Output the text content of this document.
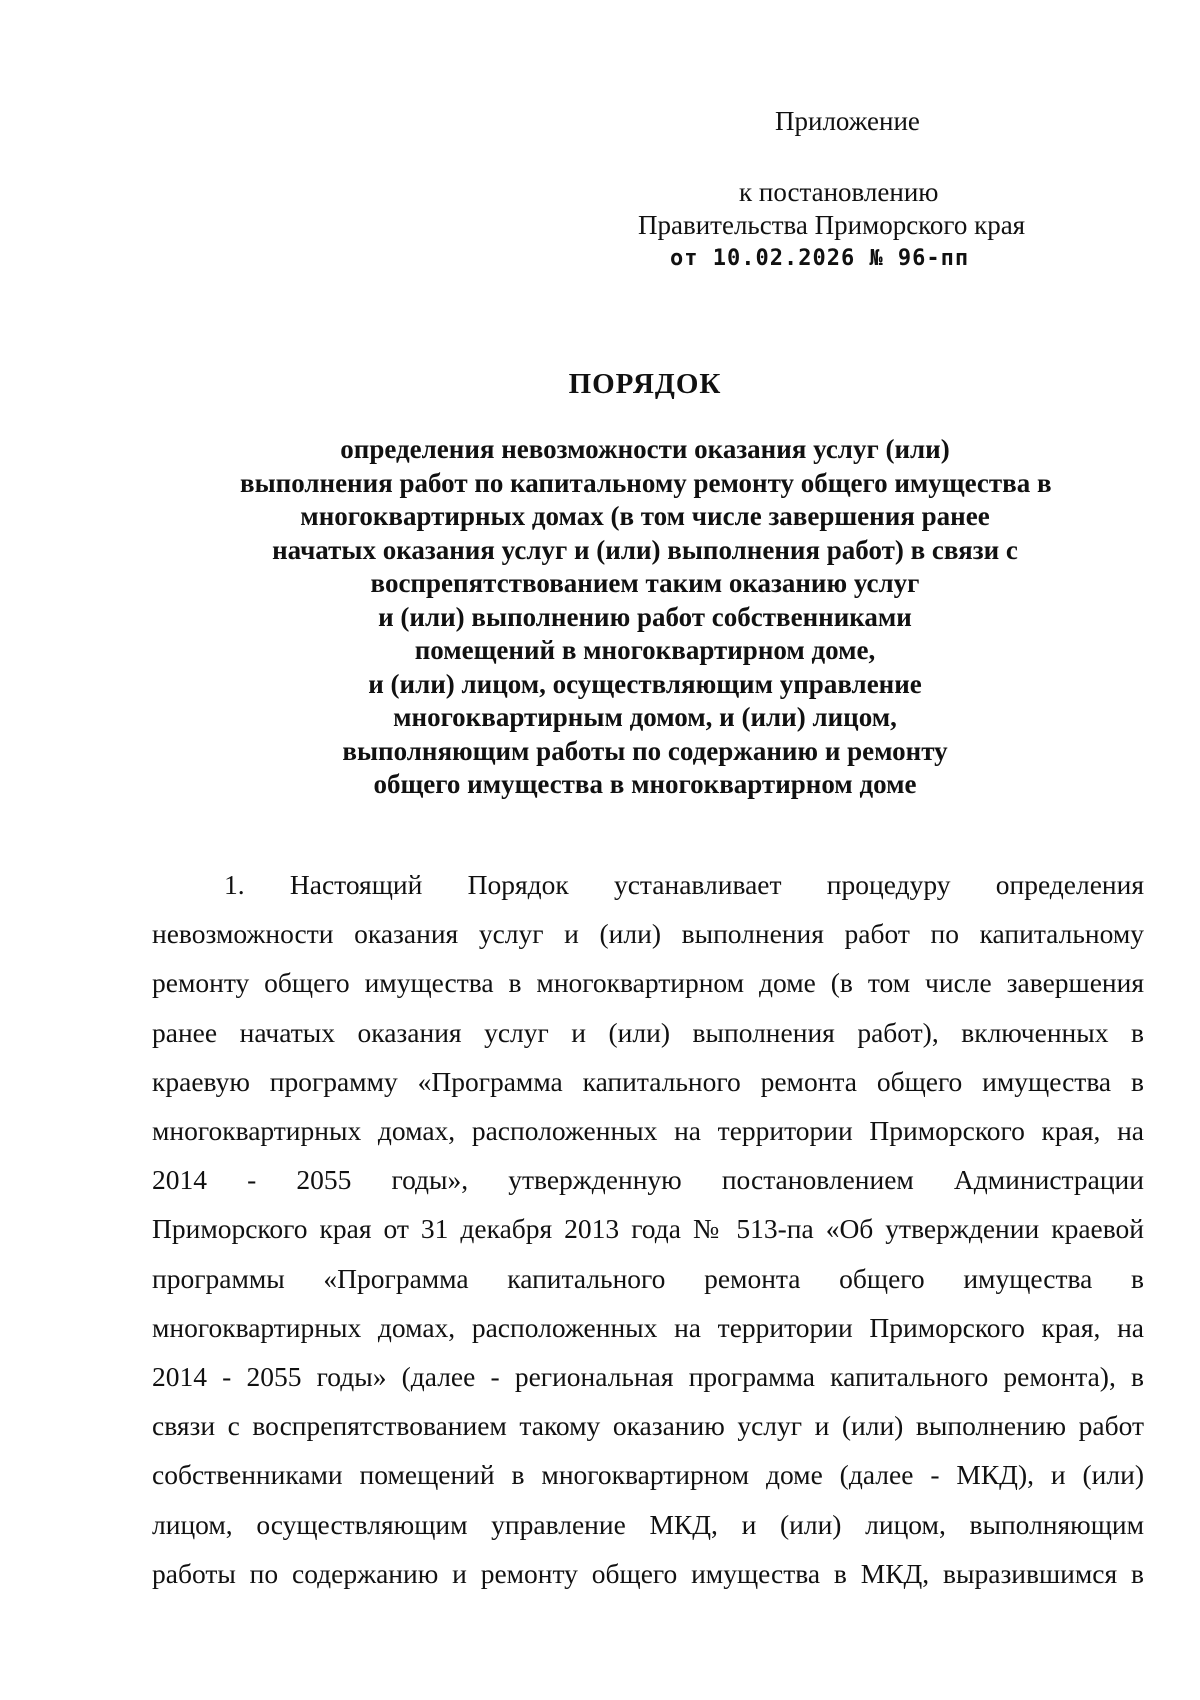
Приложение
к постановлению
Правительства Приморского края
от 10.02.2026 № 96-пп
ПОРЯДОК
определения невозможности оказания услуг (или)
выполнения работ по капитальному ремонту общего имущества в
многоквартирных домах (в том числе завершения ранее
начатых оказания услуг и (или) выполнения работ) в связи с
воспрепятствованием таким оказанию услуг
и (или) выполнению работ собственниками
помещений в многоквартирном доме,
и (или) лицом, осуществляющим управление
многоквартирным домом, и (или) лицом,
выполняющим работы по содержанию и ремонту
общего имущества в многоквартирном доме
1. Настоящий Порядок устанавливает процедуру определения
невозможности оказания услуг и (или) выполнения работ по капитальному
ремонту общего имущества в многоквартирном доме (в том числе завершения
ранее начатых оказания услуг и (или) выполнения работ), включенных в
краевую программу «Программа капитального ремонта общего имущества в
многоквартирных домах, расположенных на территории Приморского края, на
2014 - 2055 годы», утвержденную постановлением Администрации
Приморского края от 31 декабря 2013 года № 513-па «Об утверждении краевой
программы «Программа капитального ремонта общего имущества в
многоквартирных домах, расположенных на территории Приморского края, на
2014 - 2055 годы» (далее - региональная программа капитального ремонта), в
связи с воспрепятствованием такому оказанию услуг и (или) выполнению работ
собственниками помещений в многоквартирном доме (далее - МКД), и (или)
лицом, осуществляющим управление МКД, и (или) лицом, выполняющим
работы по содержанию и ремонту общего имущества в МКД, выразившимся в
